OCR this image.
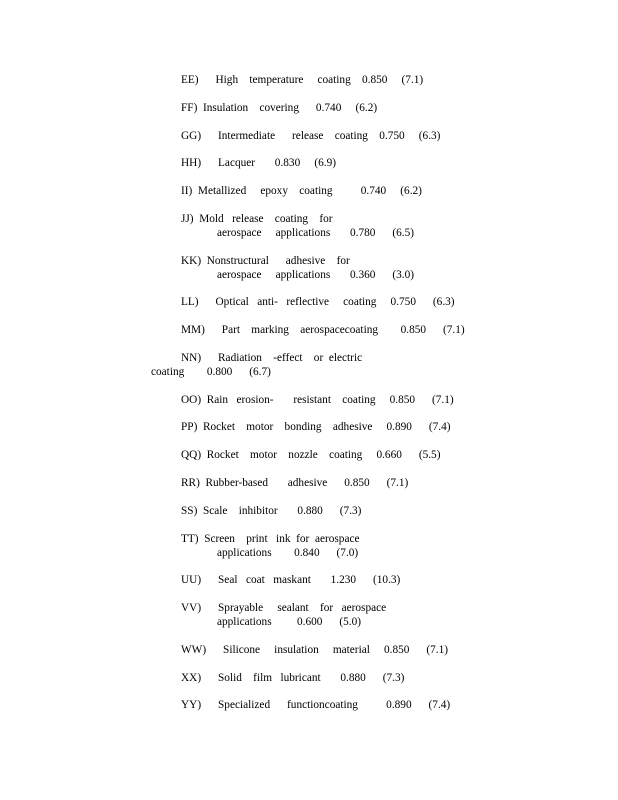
EE)      High    temperature     coating    0.850     (7.1)
FF)  Insulation    covering      0.740     (6.2)
GG)      Intermediate      release    coating    0.750     (6.3)
HH)      Lacquer       0.830     (6.9)
II)  Metallized     epoxy    coating          0.740     (6.2)
JJ)  Mold   release    coating    for
aerospace     applications       0.780      (6.5)
KK)  Nonstructural      adhesive    for
aerospace     applications       0.360      (3.0)
LL)      Optical   anti-   reflective     coating     0.750      (6.3)
MM)      Part    marking    aerospacecoating        0.850      (7.1)
NN)      Radiation    -effect    or  electric
coating        0.800      (6.7)
OO)  Rain   erosion-       resistant    coating     0.850      (7.1)
PP)  Rocket    motor    bonding    adhesive     0.890      (7.4)
QQ)  Rocket    motor    nozzle    coating     0.660      (5.5)
RR)  Rubber-based       adhesive      0.850      (7.1)
SS)  Scale    inhibitor       0.880      (7.3)
TT)  Screen    print   ink  for  aerospace
applications        0.840      (7.0)
UU)      Seal   coat   maskant       1.230      (10.3)
VV)      Sprayable     sealant    for   aerospace
applications         0.600      (5.0)
WW)      Silicone     insulation     material     0.850      (7.1)
XX)      Solid    film   lubricant       0.880      (7.3)
YY)      Specialized      functioncoating          0.890      (7.4)
